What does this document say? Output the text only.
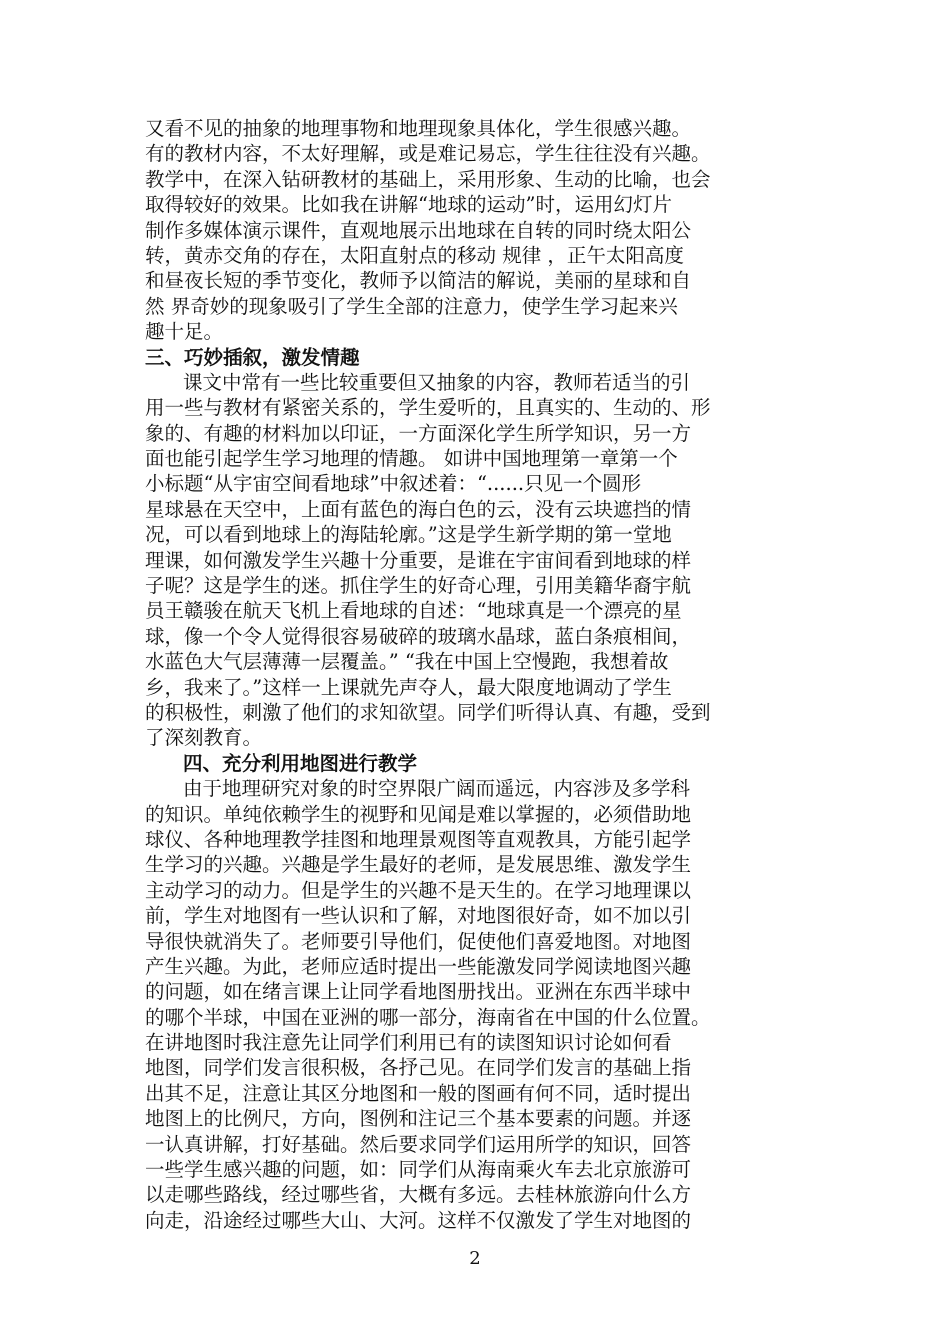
又看不见的抽象的地理事物和地理现象具体化，学生很感兴趣。
有的教材内容，不太好理解，或是难记易忘，学生往往没有兴趣。
教学中，在深入钻研教材的基础上，采用形象、生动的比喻，也会
取得较好的效果。比如我在讲解“地球的运动”时，运用幻灯片
制作多媒体演示课件，直观地展示出地球在自转的同时绕太阳公
转，黄赤交角的存在，太阳直射点的移动 规律 ，正午太阳高度
和昼夜长短的季节变化，教师予以简洁的解说，美丽的星球和自
然 界奇妙的现象吸引了学生全部的注意力，使学生学习起来兴
趣十足。
三、巧妙插叙，激发情趣
课文中常有一些比较重要但又抽象的内容，教师若适当的引
用一些与教材有紧密关系的，学生爱听的，且真实的、生动的、形
象的、有趣的材料加以印证，一方面深化学生所学知识，另一方
面也能引起学生学习地理的情趣。 如讲中国地理第一章第一个
小标题“从宇宙空间看地球”中叙述着：“......只见一个圆形
星球悬在天空中，上面有蓝色的海白色的云，没有云块遮挡的情
况，可以看到地球上的海陆轮廓。”这是学生新学期的第一堂地
理课，如何激发学生兴趣十分重要，是谁在宇宙间看到地球的样
子呢？这是学生的迷。抓住学生的好奇心理，引用美籍华裔宇航
员王赣骏在航天飞机上看地球的自述：“地球真是一个漂亮的星
球，像一个令人觉得很容易破碎的玻璃水晶球，蓝白条痕相间，
水蓝色大气层薄薄一层覆盖。” “我在中国上空慢跑，我想着故
乡，我来了。”这样一上课就先声夺人，最大限度地调动了学生
的积极性，刺激了他们的求知欲望。同学们听得认真、有趣，受到
了深刻教育。
四、充分利用地图进行教学
由于地理研究对象的时空界限广阔而遥远，内容涉及多学科
的知识。单纯依赖学生的视野和见闻是难以掌握的，必须借助地
球仪、各种地理教学挂图和地理景观图等直观教具，方能引起学
生学习的兴趣。兴趣是学生最好的老师，是发展思维、激发学生
主动学习的动力。但是学生的兴趣不是天生的。在学习地理课以
前，学生对地图有一些认识和了解，对地图很好奇，如不加以引
导很快就消失了。老师要引导他们，促使他们喜爱地图。对地图
产生兴趣。为此，老师应适时提出一些能激发同学阅读地图兴趣
的问题，如在绪言课上让同学看地图册找出。亚洲在东西半球中
的哪个半球，中国在亚洲的哪一部分，海南省在中国的什么位置。
在讲地图时我注意先让同学们利用已有的读图知识讨论如何看
地图，同学们发言很积极，各抒己见。在同学们发言的基础上指
出其不足，注意让其区分地图和一般的图画有何不同，适时提出
地图上的比例尺，方向，图例和注记三个基本要素的问题。并逐
一认真讲解，打好基础。然后要求同学们运用所学的知识，回答
一些学生感兴趣的问题，如：同学们从海南乘火车去北京旅游可
以走哪些路线，经过哪些省，大概有多远。去桂林旅游向什么方
向走，沿途经过哪些大山、大河。这样不仅激发了学生对地图的
2
